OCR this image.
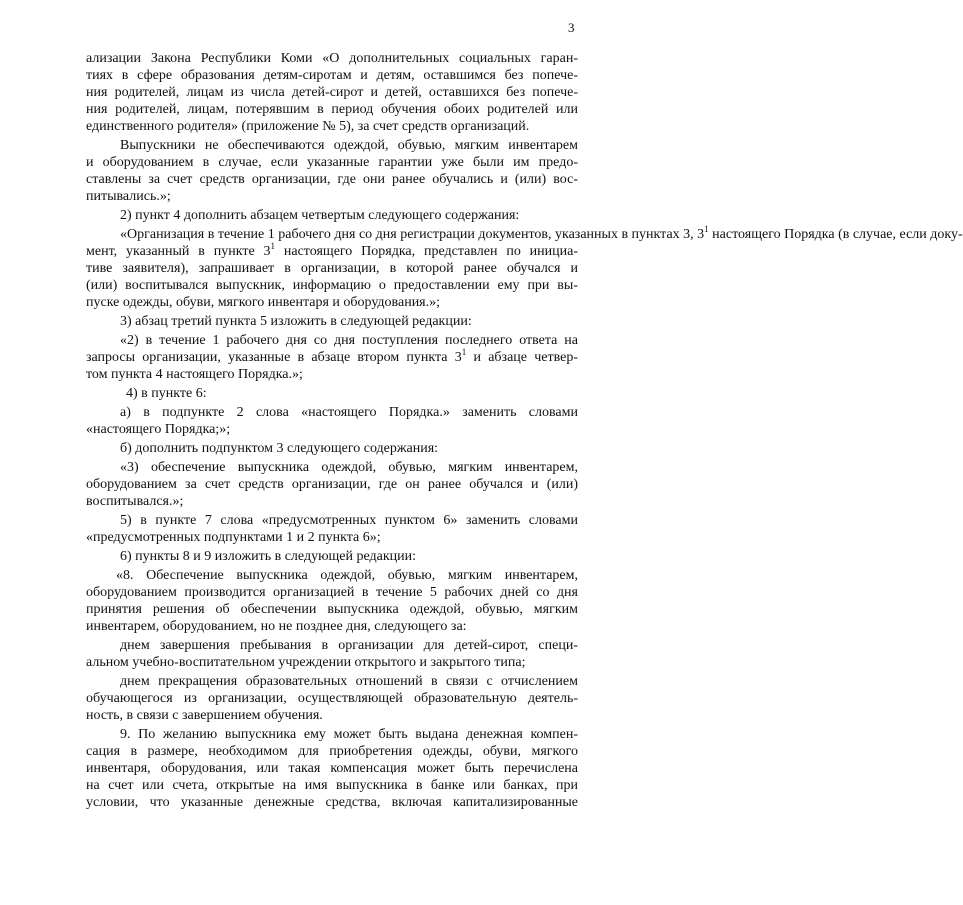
3
ализации Закона Республики Коми «О дополнительных социальных гаран-
тиях в сфере образования детям-сиротам и детям, оставшимся без попече-
ния родителей, лицам из числа детей-сирот и детей, оставшихся без попече-
ния родителей, лицам, потерявшим в период обучения обоих родителей или
единственного родителя» (приложение № 5), за счет средств организаций.
Выпускники не обеспечиваются одеждой, обувью, мягким инвентарем
и оборудованием в случае, если указанные гарантии уже были им предо-
ставлены за счет средств организации, где они ранее обучались и (или) вос-
питывались.»;
2) пункт 4 дополнить абзацем четвертым следующего содержания:
«Организация в течение 1 рабочего дня со дня регистрации документов, указанных в пунктах 3, $3^1$ настоящего Порядка (в случае, если доку-
мент, указанный в пункте $3^1$ настоящего Порядка, представлен по инициа-
тиве заявителя), запрашивает в организации, в которой ранее обучался и
(или) воспитывался выпускник, информацию о предоставлении ему при вы-
пуске одежды, обуви, мягкого инвентаря и оборудования.»;
3) абзац третий пункта 5 изложить в следующей редакции:
«2) в течение 1 рабочего дня со дня поступления последнего ответа на
запросы организации, указанные в абзаце втором пункта $3^1$ и абзаце четвер-
том пункта 4 настоящего Порядка.»;
4) в пункте 6:
а) в подпункте 2 слова «настоящего Порядка.» заменить словами
«настоящего Порядка;»;
б) дополнить подпунктом 3 следующего содержания:
«3) обеспечение выпускника одеждой, обувью, мягким инвентарем,
оборудованием за счет средств организации, где он ранее обучался и (или)
воспитывался.»;
5) в пункте 7 слова «предусмотренных пунктом 6» заменить словами
«предусмотренных подпунктами 1 и 2 пункта 6»;
6) пункты 8 и 9 изложить в следующей редакции:
«8. Обеспечение выпускника одеждой, обувью, мягким инвентарем,
оборудованием производится организацией в течение 5 рабочих дней со дня
принятия решения об обеспечении выпускника одеждой, обувью, мягким
инвентарем, оборудованием, но не позднее дня, следующего за:
днем завершения пребывания в организации для детей-сирот, специ-
альном учебно-воспитательном учреждении открытого и закрытого типа;
днем прекращения образовательных отношений в связи с отчислением
обучающегося из организации, осуществляющей образовательную деятель-
ность, в связи с завершением обучения.
9. По желанию выпускника ему может быть выдана денежная компен-
сация в размере, необходимом для приобретения одежды, обуви, мягкого
инвентаря, оборудования, или такая компенсация может быть перечислена
на счет или счета, открытые на имя выпускника в банке или банках, при
условии, что указанные денежные средства, включая капитализированные
